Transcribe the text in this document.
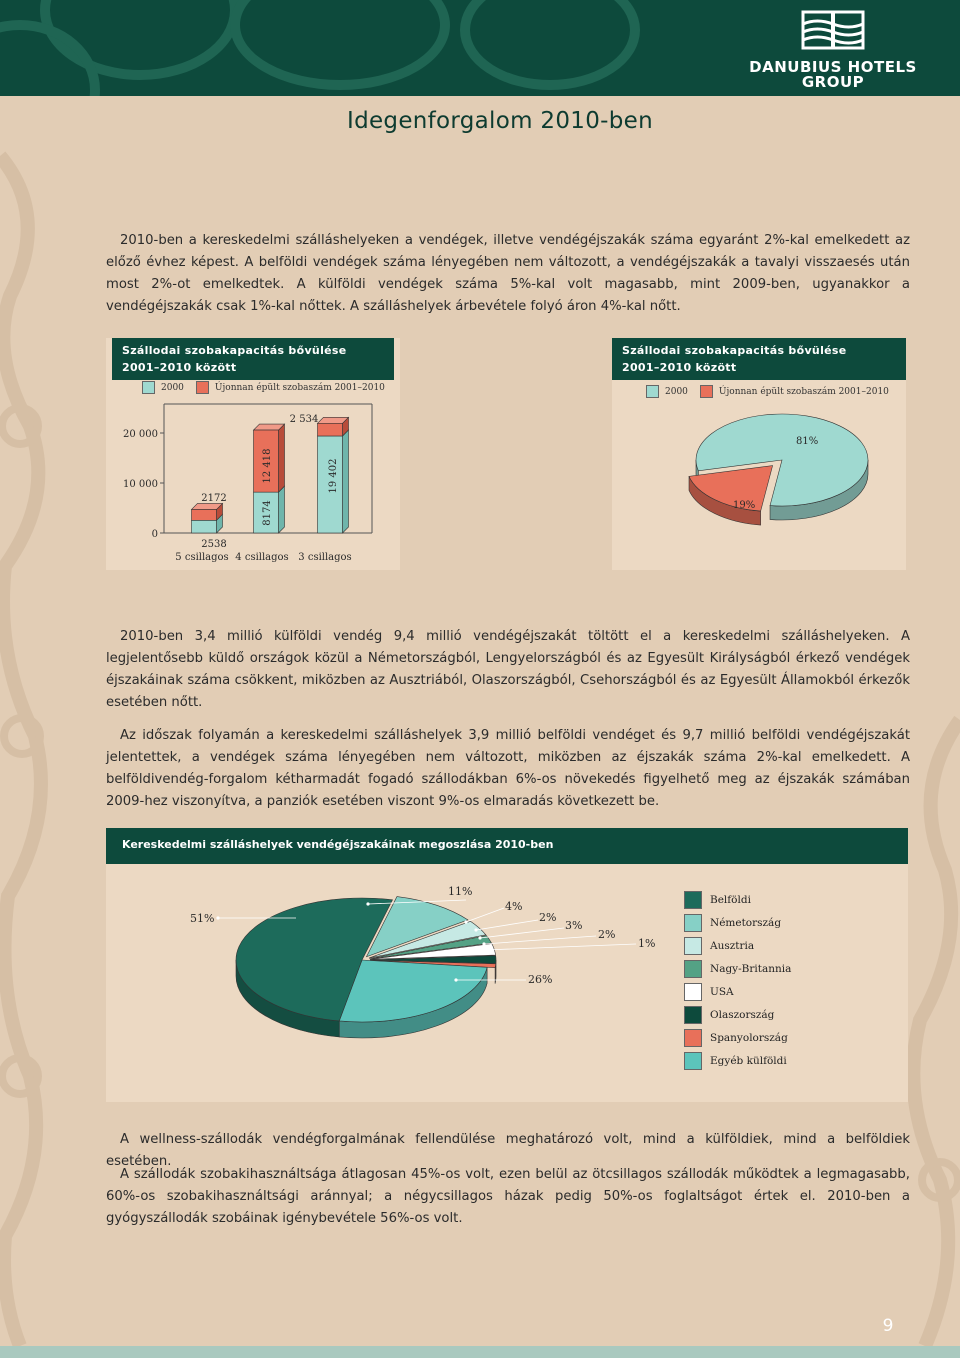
DANUBIUS HOTELS
GROUP
Idegenforgalom 2010-ben

2010-ben a kereskedelmi szálláshelyeken a vendégek, illetve vendégéjszakák száma egyaránt 2%-kal emelkedett az előző évhez képest. A belföldi vendégek száma lényegében nem változott, a vendégéjszakák a tavalyi visszaesés után most 2%-ot emelkedtek. A külföldi vendégek száma 5%-kal volt magasabb, mint 2009-ben, ugyanakkor a vendégéjszakák csak 1%-kal nőttek. A szálláshelyek árbevétele folyó áron 4%-kal nőtt.

Szállodai szobakapacitás bővülése
2001–2010 között
2000	Újonnan épült szobaszám 2001–2010
0
10 000
20 000
2538
2172
8174
12 418	19 402
2 534
5 csillagos 4 csillagos 3 csillagos
Szállodai szobakapacitás bővülése
2001–2010 között
2000	Újonnan épült szobaszám 2001–2010
81%
19%

2010-ben 3,4 millió külföldi vendég 9,4 millió vendégéjszakát töltött el a kereskedelmi szálláshelyeken. A legjelentősebb küldő országok közül a Németországból, Lengyelországból és az Egyesült Királyságból érkező vendégek éjszakáinak száma csökkent, miközben az Ausztriából, Olaszországból, Csehországból és az Egyesült Államokból érkezők esetében nőtt.

Az időszak folyamán a kereskedelmi szálláshelyek 3,9 millió belföldi vendéget és 9,7 millió belföldi vendégéjszakát jelentettek, a vendégek száma lényegében nem változott, miközben az éjszakák száma 2%-kal emelkedett. A belföldivendég-forgalom kétharmadát fogadó szállodákban 6%-os növekedés figyelhető meg az éjszakák számában 2009-hez viszonyítva, a panziók esetében viszont 9%-os elmaradás következett be.

Kereskedelmi szálláshelyek vendégéjszakáinak megoszlása 2010-ben
51%
11%
4%
2%
3%
2%
1%
26%
Belföldi
Németország
Ausztria
Nagy-Britannia
USA
Olaszország
Spanyolország
Egyéb külföldi

A wellness-szállodák vendégforgalmának fellendülése meghatározó volt, mind a külföldiek, mind a belföldiek esetében.

A szállodák szobakihasználtsága átlagosan 45%-os volt, ezen belül az ötcsillagos szállodák működtek a legmagasabb, 60%-os szobakihasználtsági aránnyal; a négycsillagos házak pedig 50%-os foglaltságot értek el. 2010-ben a gyógyszállodák szobáinak igénybevétele 56%-os volt.

9
